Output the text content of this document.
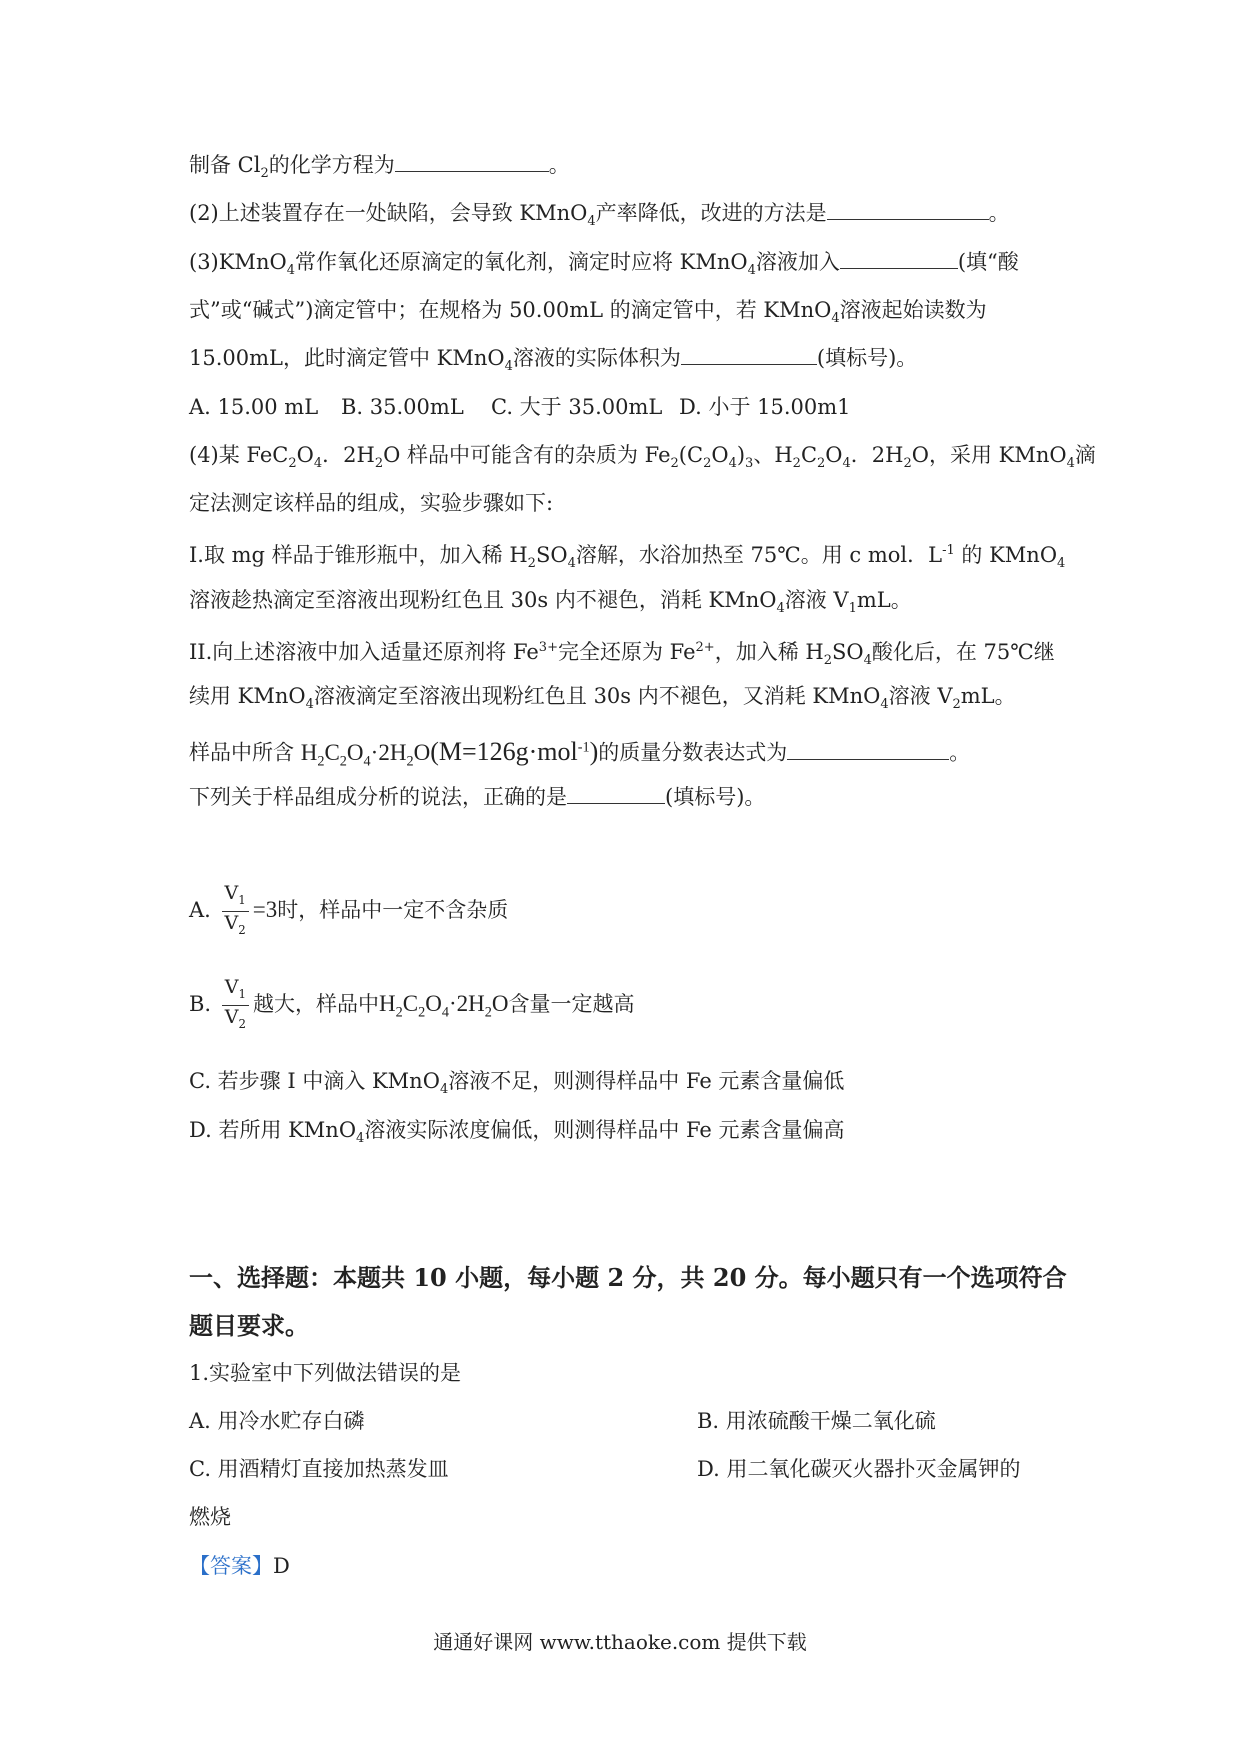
制备 $Cl_2$的化学方程为	。
(2)上述装置存在一处缺陷，会导致 KMnO$_4$产率降低，改进的方法是	。
(3)KMnO$_4$常作氧化还原滴定的氧化剂，滴定时应将 KMnO$_4$溶液加入	(填“酸
式”或“碱式”)滴定管中；在规格为 50.00mL 的滴定管中，若 KMnO$_4$溶液起始读数为
15.00mL，此时滴定管中 KMnO$_4$溶液的实际体积为	(填标号)。
A. 15.00 mL B. 35.00mL C. 大于 35.00mL D. 小于 15.00m1
(4)某 $FeC_2O_4$．$2H_2O$ 样品中可能含有的杂质为 $Fe_2(C_2O_4)_3$、$H_2C_2O_4$．$2H_2O$，采用 KMnO$_4$滴
定法测定该样品的组成，实验步骤如下:
I.取 mg 样品于锥形瓶中，加入稀 $H_2SO_4$溶解，水浴加热至 75℃。用 c mol．$L^{-1}$ 的 KMnO$_4$
溶液趁热滴定至溶液出现粉红色且 30s 内不褪色，消耗 KMnO$_4$溶液 $V_1mL$。
II.向上述溶液中加入适量还原剂将 $Fe^{3+}$完全还原为 $Fe^{2+}$，加入稀 $H_2SO_4$酸化后，在 75℃继
续用 KMnO$_4$溶液滴定至溶液出现粉红色且 30s 内不褪色，又消耗 KMnO$_4$溶液 $V_2mL$。
样品中所含 $H_2C_2O_4\cdot 2H_2O(M=126g\cdot mol^{-1})$的质量分数表达式为	。
下列关于样品组成分析的说法，正确的是	(填标号)。
A. $\frac{V_1}{V_2} =3$时，样品中一定不含杂质
B. $\frac{V_1}{V_2}$ 越大，样品中$H_2C_2O_4\cdot 2H_2O$含量一定越高
C. 若步骤 I 中滴入 KMnO$_4$溶液不足，则测得样品中 Fe 元素含量偏低
D. 若所用 KMnO$_4$溶液实际浓度偏低，则测得样品中 Fe 元素含量偏高
一、选择题：本题共 10 小题，每小题 2 分，共 20 分。每小题只有一个选项符合
题目要求。
1.实验室中下列做法错误的是
A. 用冷水贮存白磷	B. 用浓硫酸干燥二氧化硫
C. 用酒精灯直接加热蒸发皿	D. 用二氧化碳灭火器扑灭金属钾的
燃烧
【答案】D
通通好课网 www.tthaoke.com 提供下载
